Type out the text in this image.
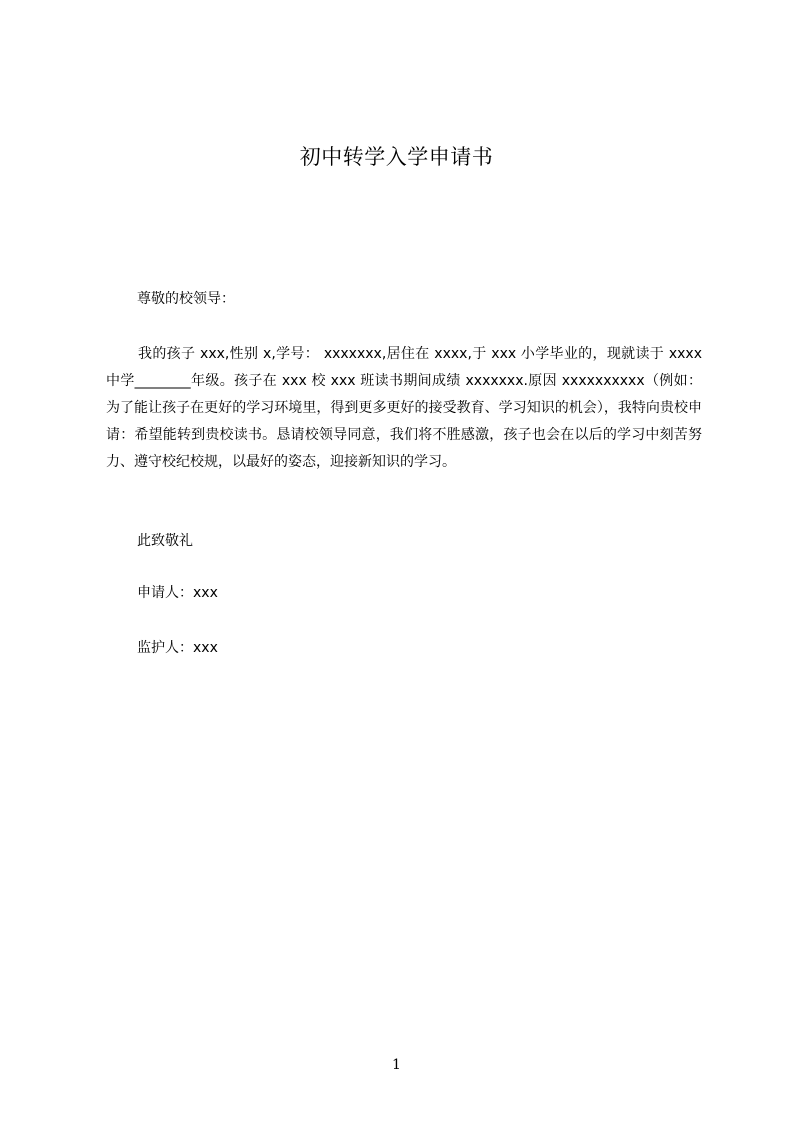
初中转学入学申请书
尊敬的校领导：

我的孩子 xxx,性别 x,学号： xxxxxxx,居住在 xxxx,于 xxx 小学毕业的，现就读于 xxxx 中学________年级。孩子在 xxx 校 xxx 班读书期间成绩 xxxxxxx.原因 xxxxxxxxxx（例如：为了能让孩子在更好的学习环境里，得到更多更好的接受教育、学习知识的机会），我特向贵校申请：希望能转到贵校读书。恳请校领导同意，我们将不胜感激，孩子也会在以后的学习中刻苦努力、遵守校纪校规，以最好的姿态，迎接新知识的学习。

此致敬礼
申请人：xxx
监护人：xxx
1
